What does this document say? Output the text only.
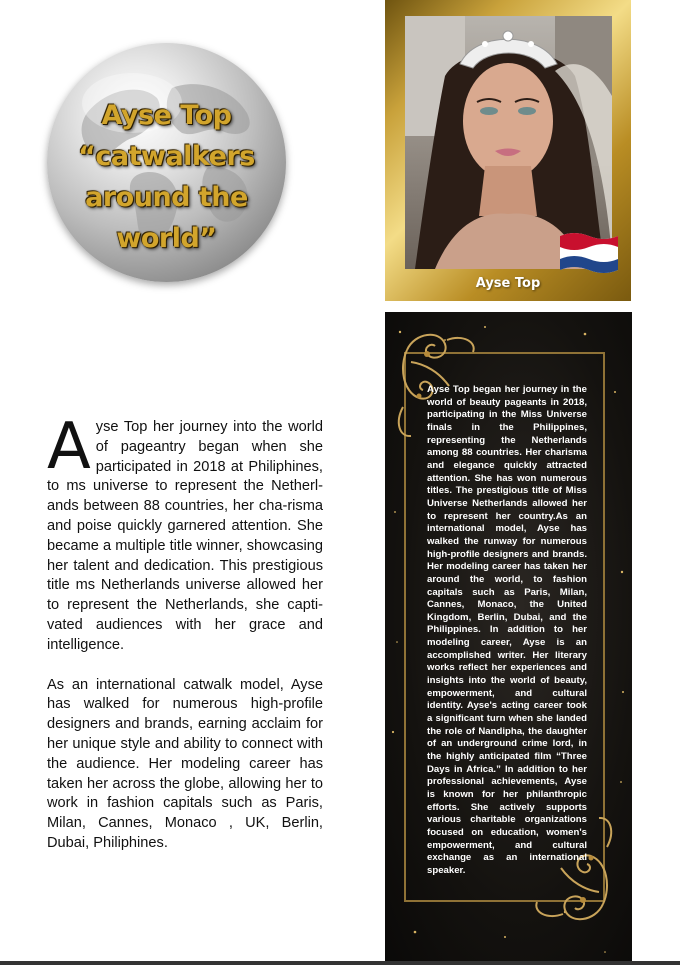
Ayse Top
“catwalkers
around the
world”
Ayse Top

Ayse Top her journey into the world of pageantry began when she participated in 2018 at Philiphines, to ms universe to represent the Netherl-ands between 88 countries, her cha-risma and poise quickly garnered attention. She became a multiple title winner, showcasing her talent and dedication. This prestigious title ms Netherlands universe allowed her to represent the Netherlands, she capti-vated audiences with her grace and intelligence.

As an international catwalk model, Ayse has walked for numerous high-profile designers and brands, earning acclaim for her unique style and ability to connect with the audience. Her modeling career has taken her across the globe, allowing her to work in fashion capitals such as Paris, Milan, Cannes, Monaco , UK, Berlin, Dubai, Philiphines.

Ayse Top began her journey in the world of beauty pageants in 2018, participating in the Miss Universe finals in the Philippines, representing the Netherlands among 88 countries. Her charisma and elegance quickly attracted attention. She has won numerous titles. The prestigious title of Miss Universe Netherlands allowed her to represent her country.As an international model, Ayse has walked the runway for numerous high-profile designers and brands. Her modeling career has taken her around the world, to fashion capitals such as Paris, Milan, Cannes, Monaco, the United Kingdom, Berlin, Dubai, and the Philippines. In addition to her modeling career, Ayse is an accomplished writer. Her literary works reflect her experiences and insights into the world of beauty, empowerment, and cultural identity. Ayse's acting career took a significant turn when she landed the role of Nandipha, the daughter of an underground crime lord, in the highly anticipated film “Three Days in Africa.” In addition to her professional achievements, Ayse is known for her philanthropic efforts. She actively supports various charitable organizations focused on education, women's empowerment, and cultural exchange as an international speaker.
